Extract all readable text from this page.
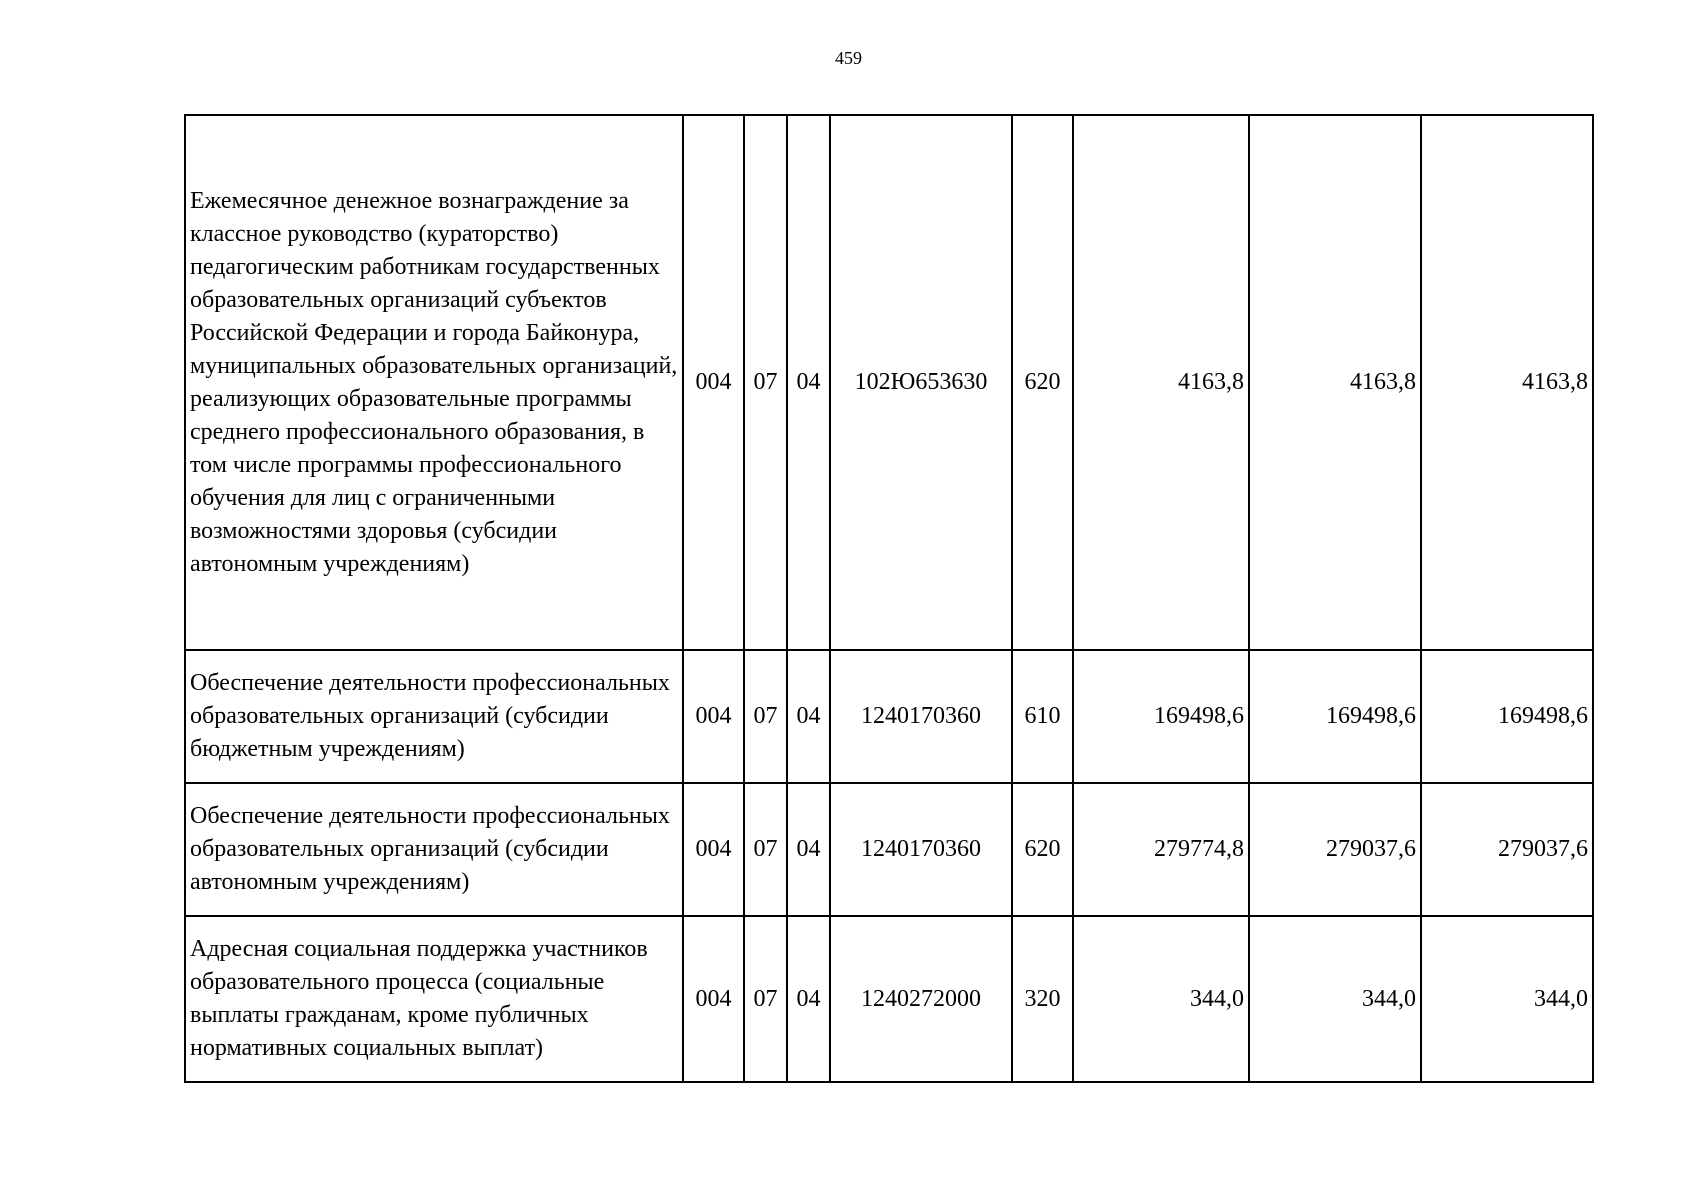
459
Ежемесячное денежное вознаграждение за классное руководство (кураторство) педагогическим работникам государственных образовательных организаций субъектов Российской Федерации и города Байконура, муниципальных образовательных организаций, реализующих образовательные программы среднего профессионального образования, в том числе программы профессионального обучения для лиц с ограниченными возможностями здоровья (субсидии автономным учреждениям)	004	07	04	102Ю653630	620	4163,8	4163,8	4163,8
Обеспечение деятельности профессиональных образовательных организаций (субсидии бюджетным учреждениям)	004	07	04	1240170360	610	169498,6	169498,6	169498,6
Обеспечение деятельности профессиональных образовательных организаций (субсидии автономным учреждениям)	004	07	04	1240170360	620	279774,8	279037,6	279037,6
Адресная социальная поддержка участников образовательного процесса (социальные выплаты гражданам, кроме публичных нормативных социальных выплат)	004	07	04	1240272000	320	344,0	344,0	344,0
